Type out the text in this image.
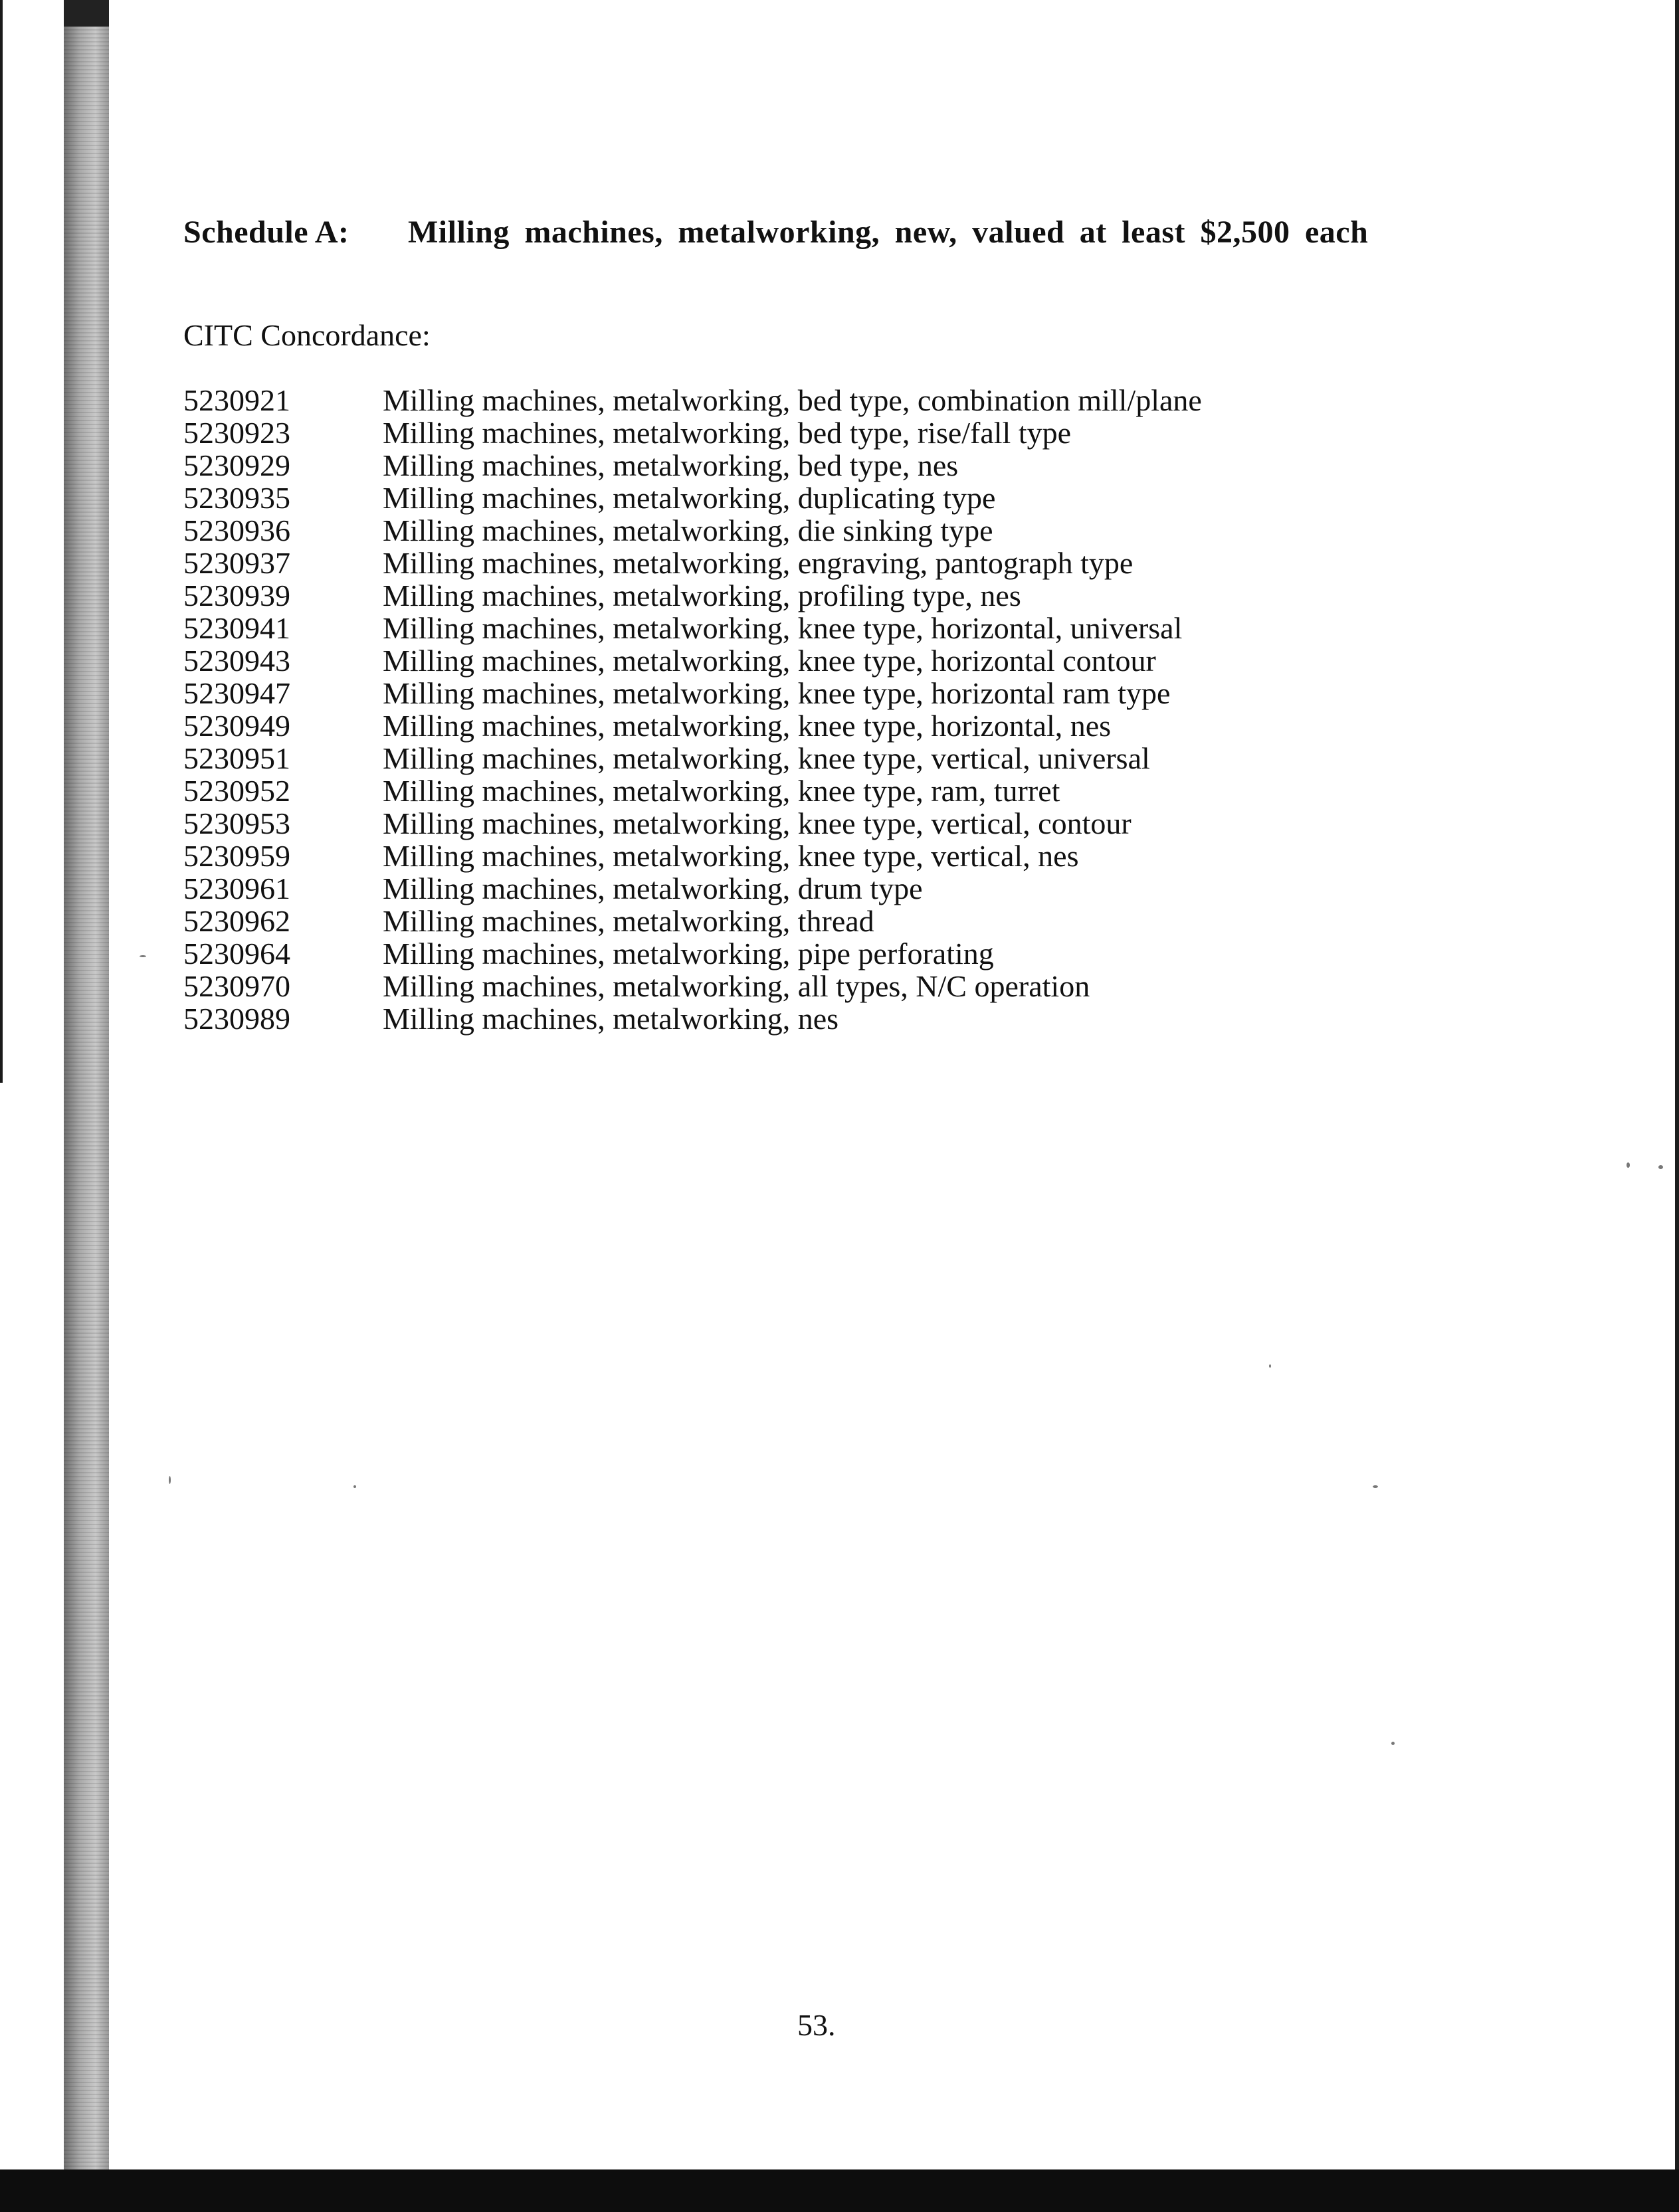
Schedule A: Milling machines, metalworking, new, valued at least $2,500 each
CITC Concordance:
5230921	Milling machines, metalworking, bed type, combination mill/plane
5230923	Milling machines, metalworking, bed type, rise/fall type
5230929	Milling machines, metalworking, bed type, nes
5230935	Milling machines, metalworking, duplicating type
5230936	Milling machines, metalworking, die sinking type
5230937	Milling machines, metalworking, engraving, pantograph type
5230939	Milling machines, metalworking, profiling type, nes
5230941	Milling machines, metalworking, knee type, horizontal, universal
5230943	Milling machines, metalworking, knee type, horizontal contour
5230947	Milling machines, metalworking, knee type, horizontal ram type
5230949	Milling machines, metalworking, knee type, horizontal, nes
5230951	Milling machines, metalworking, knee type, vertical, universal
5230952	Milling machines, metalworking, knee type, ram, turret
5230953	Milling machines, metalworking, knee type, vertical, contour
5230959	Milling machines, metalworking, knee type, vertical, nes
5230961	Milling machines, metalworking, drum type
5230962	Milling machines, metalworking, thread
5230964	Milling machines, metalworking, pipe perforating
5230970	Milling machines, metalworking, all types, N/C operation
5230989	Milling machines, metalworking, nes
53.
